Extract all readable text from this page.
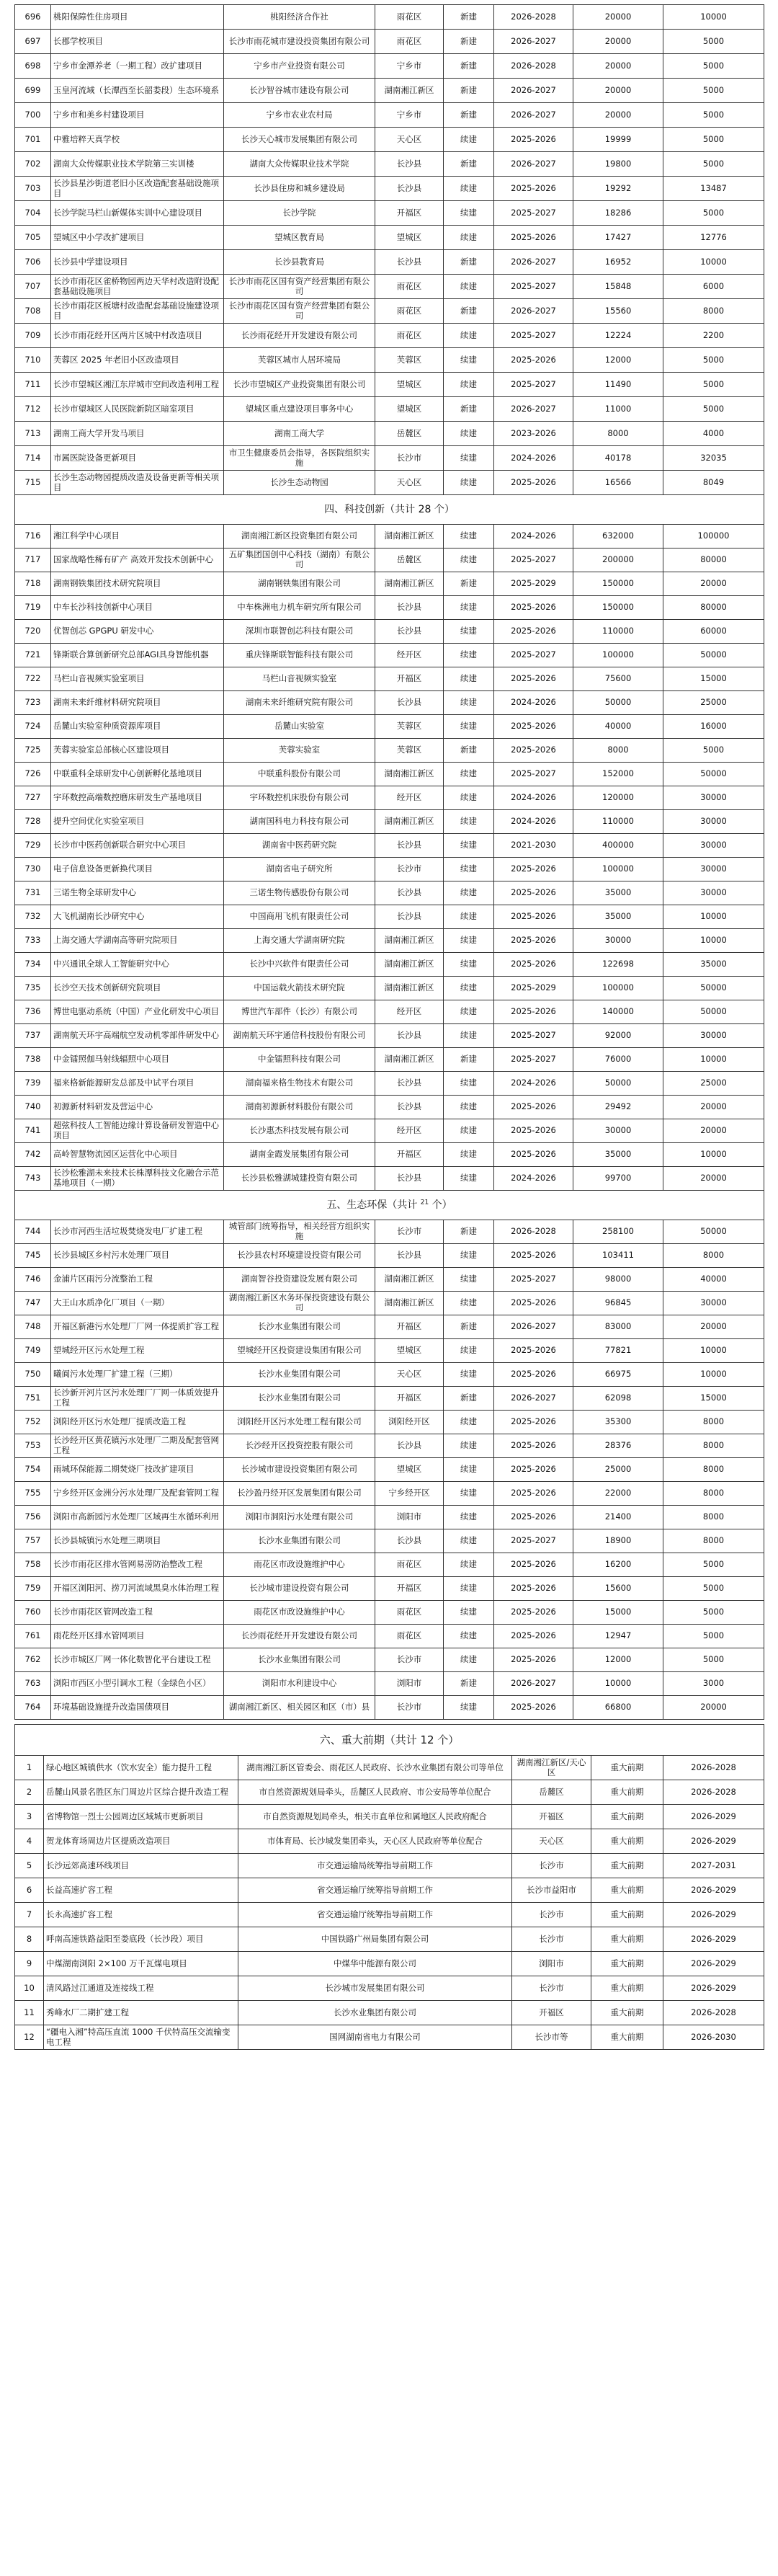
696	桃阳保障性住房项目	桃阳经济合作社	雨花区	新建	2026-2028	20000	10000
697	长郡学校项目	长沙市雨花城市建设投资集团有限公司	雨花区	新建	2026-2027	20000	5000
698	宁乡市金潭养老（一期工程）改扩建项目	宁乡市产业投资有限公司	宁乡市	新建	2026-2028	20000	5000
699	玉皇河流域（长潭西至长韶娄段）生态环境系	长沙智谷城市建设有限公司	湖南湘江新区	新建	2026-2027	20000	5000
700	宁乡市和美乡村建设项目	宁乡市农业农村局	宁乡市	新建	2026-2027	20000	5000
701	中雅培粹天真学校	长沙天心城市发展集团有限公司	天心区	续建	2025-2026	19999	5000
702	湖南大众传媒职业技术学院第三实训楼	湖南大众传媒职业技术学院	长沙县	新建	2026-2027	19800	5000
703	长沙县星沙街道老旧小区改造配套基础设施项目	长沙县住房和城乡建设局	长沙县	续建	2025-2026	19292	13487
704	长沙学院马栏山新媒体实训中心建设项目	长沙学院	开福区	续建	2025-2027	18286	5000
705	望城区中小学改扩建项目	望城区教育局	望城区	续建	2025-2026	17427	12776
706	长沙县中学建设项目	长沙县教育局	长沙县	新建	2026-2027	16952	10000
707	长沙市雨花区雀桥物园两边天华村改造附设配套基础设施项目	长沙市雨花区国有资产经营集团有限公司	雨花区	续建	2025-2027	15848	6000
708	长沙市雨花区板塘村改造配套基础设施建设项目	长沙市雨花区国有资产经营集团有限公司	雨花区	新建	2026-2027	15560	8000
709	长沙市雨花经开区两片区城中村改造项目	长沙雨花经开开发建设有限公司	雨花区	续建	2025-2027	12224	2200
710	芙蓉区 2025 年老旧小区改造项目	芙蓉区城市人居环境局	芙蓉区	续建	2025-2026	12000	5000
711	长沙市望城区湘江东岸城市空间改造利用工程	长沙市望城区产业投资集团有限公司	望城区	续建	2025-2027	11490	5000
712	长沙市望城区人民医院新院区暗室项目	望城区重点建设项目事务中心	望城区	新建	2026-2027	11000	5000
713	湖南工商大学开发马项目	湖南工商大学	岳麓区	续建	2023-2026	8000	4000
714	市属医院设备更新项目	市卫生健康委员会指导，各医院组织实施	长沙市	续建	2024-2026	40178	32035
715	长沙生态动物园提质改造及设备更新等相关项目	长沙生态动物园	天心区	续建	2025-2026	16566	8049
四、科技创新（共计 28 个）							
716	湘江科学中心项目	湖南湘江新区投资集团有限公司	湖南湘江新区	续建	2024-2026	632000	100000
717	国家战略性稀有矿产 高效开发技术创新中心	五矿集团国创中心科技（湖南）有限公司	岳麓区	续建	2025-2027	200000	80000
718	湖南钢铁集团技术研究院项目	湖南钢铁集团有限公司	湖南湘江新区	新建	2025-2029	150000	20000
719	中车长沙科技创新中心项目	中车株洲电力机车研究所有限公司	长沙县	续建	2025-2026	150000	80000
720	优智创芯 GPGPU 研发中心	深圳市联智创芯科技有限公司	长沙县	续建	2025-2026	110000	60000
721	锋斯联合算创新研究总部AGI具身智能机器	重庆锋斯联智能科技有限公司	经开区	续建	2025-2027	100000	50000
722	马栏山音视频实验室项目	马栏山音视频实验室	开福区	续建	2025-2026	75600	15000
723	湖南未来纤维材料研究院项目	湖南未来纤维研究院有限公司	长沙县	续建	2024-2026	50000	25000
724	岳麓山实验室种质资源库项目	岳麓山实验室	芙蓉区	续建	2025-2026	40000	16000
725	芙蓉实验室总部核心区建设项目	芙蓉实验室	芙蓉区	新建	2025-2026	8000	5000
726	中联重科全球研发中心创新孵化基地项目	中联重科股份有限公司	湖南湘江新区	续建	2025-2027	152000	50000
727	宇环数控高端数控磨床研发生产基地项目	宇环数控机床股份有限公司	经开区	续建	2024-2026	120000	30000
728	提升空间优化实验室项目	湖南国科电力科技有限公司	湖南湘江新区	续建	2024-2026	110000	30000
729	长沙市中医药创新联合研究中心项目	湖南省中医药研究院	长沙县	续建	2021-2030	400000	30000
730	电子信息设备更新换代项目	湖南省电子研究所	长沙市	续建	2025-2026	100000	30000
731	三诺生物全球研发中心	三诺生物传感股份有限公司	长沙县	续建	2025-2026	35000	30000
732	大飞机湖南长沙研究中心	中国商用飞机有限责任公司	长沙县	续建	2025-2026	35000	10000
733	上海交通大学湖南高等研究院项目	上海交通大学湖南研究院	湖南湘江新区	续建	2025-2026	30000	10000
734	中兴通讯全球人工智能研究中心	长沙中兴软件有限责任公司	湖南湘江新区	续建	2025-2026	122698	35000
735	长沙空天技术创新研究院项目	中国运载火箭技术研究院	湖南湘江新区	续建	2025-2029	100000	50000
736	博世电驱动系统（中国）产业化研发中心项目	博世汽车部件（长沙）有限公司	经开区	续建	2025-2026	140000	50000
737	湖南航天环宇高端航空发动机零部件研发中心	湖南航天环宇通信科技股份有限公司	长沙县	续建	2025-2027	92000	30000
738	中金镭照伽马射线辐照中心项目	中金镭照科技有限公司	湖南湘江新区	新建	2025-2027	76000	10000
739	福来格新能源研发总部及中试平台项目	湖南福来格生物技术有限公司	长沙县	续建	2024-2026	50000	25000
740	初源新材料研发及营运中心	湖南初源新材料股份有限公司	长沙县	续建	2025-2026	29492	20000
741	超弦科技人工智能边缘计算设备研发智造中心项目	长沙惠杰科技发展有限公司	经开区	续建	2025-2026	30000	20000
742	高岭智慧物流园区运营化中心项目	湖南金霞发展集团有限公司	开福区	续建	2025-2026	35000	10000
743	长沙松雅湖未来技术长株潭科技文化融合示范基地项目（一期）	长沙县松雅湖城建投资有限公司	长沙县	续建	2024-2026	99700	20000
五、生态环保（共计 $^{21}$ 个）							
744	长沙市河西生活垃圾焚烧发电厂扩建工程	城管部门统筹指导，相关经营方组织实施	长沙市	新建	2026-2028	258100	50000
745	长沙县城区乡村污水处理厂项目	长沙县农村环境建设投资有限公司	长沙县	续建	2025-2026	103411	8000
746	金浦片区雨污分流整治工程	湖南智谷投资建设发展有限公司	湖南湘江新区	续建	2025-2027	98000	40000
747	大王山水质净化厂项目（一期）	湖南湘江新区水务环保投资建设有限公司	湖南湘江新区	续建	2025-2026	96845	30000
748	开福区新港污水处理厂厂网一体提质扩容工程	长沙水业集团有限公司	开福区	新建	2026-2027	83000	20000
749	望城经开区污水处理工程	望城经开区投资建设集团有限公司	望城区	续建	2025-2026	77821	10000
750	曦阆污水处理厂扩建工程（三期）	长沙水业集团有限公司	天心区	续建	2025-2026	66975	10000
751	长沙新开河片区污水处理厂厂网一体质效提升工程	长沙水业集团有限公司	开福区	新建	2026-2027	62098	15000
752	浏阳经开区污水处理厂提质改造工程	浏阳经开区污水处理工程有限公司	浏阳经开区	续建	2025-2026	35300	8000
753	长沙经开区黄花镇污水处理厂二期及配套管网工程	长沙经开区投资控股有限公司	长沙县	续建	2025-2026	28376	8000
754	雨城环保能源二期焚烧厂技改扩建项目	长沙城市建设投资集团有限公司	望城区	续建	2025-2026	25000	8000
755	宁乡经开区金洲分污水处理厂及配套管网工程	长沙盈丹经开区发展集团有限公司	宁乡经开区	续建	2025-2026	22000	8000
756	浏阳市高新园污水处理厂区域再生水循环利用	浏阳市洞阳污水处理有限公司	浏阳市	续建	2025-2026	21400	8000
757	长沙县城镇污水处理三期项目	长沙水业集团有限公司	长沙县	续建	2025-2027	18900	8000
758	长沙市雨花区排水管网易涝防治整改工程	雨花区市政设施维护中心	雨花区	续建	2025-2026	16200	5000
759	开福区浏阳河、捞刀河流域黑臭水体治理工程	长沙城市建设投资有限公司	开福区	续建	2025-2026	15600	5000
760	长沙市雨花区管网改造工程	雨花区市政设施维护中心	雨花区	续建	2025-2026	15000	5000
761	雨花经开区排水管网项目	长沙雨花经开开发建设有限公司	雨花区	续建	2025-2026	12947	5000
762	长沙市城区厂网一体化数智化平台建设工程	长沙水业集团有限公司	长沙市	续建	2025-2026	12000	5000
763	浏阳市西区小型引调水工程（金绿色小区）	浏阳市水利建设中心	浏阳市	新建	2026-2027	10000	3000
764	环境基础设施提升改造国债项目	湖南湘江新区、相关园区和区（市）县	长沙市	续建	2025-2026	66800	20000
六、重大前期（共计 12 个）					
1	绿心地区城镇供水（饮水安全）能力提升工程	湖南湘江新区管委会、雨花区人民政府、长沙水业集团有限公司等单位	湖南湘江新区/天心区	重大前期	2026-2028
2	岳麓山风景名胜区东门周边片区综合提升改造工程	市自然资源规划局牵头，岳麓区人民政府、市公安局等单位配合	岳麓区	重大前期	2026-2028
3	省博物馆一烈士公园周边区域城市更新项目	市自然资源规划局牵头，相关市直单位和属地区人民政府配合	开福区	重大前期	2026-2029
4	贺龙体育场周边片区提质改造项目	市体育局、长沙城发集团牵头，天心区人民政府等单位配合	天心区	重大前期	2026-2029
5	长沙远郊高速环线项目	市交通运输局统筹指导前期工作	长沙市	重大前期	2027-2031
6	长益高速扩容工程	省交通运输厅统筹指导前期工作	长沙市益阳市	重大前期	2026-2029
7	长永高速扩容工程	省交通运输厅统筹指导前期工作	长沙市	重大前期	2026-2029
8	呼南高速铁路益阳至娄底段（长沙段）项目	中国铁路广州局集团有限公司	长沙市	重大前期	2026-2029
9	中煤湖南浏阳 2×100 万千瓦煤电项目	中煤华中能源有限公司	浏阳市	重大前期	2026-2029
10	清风路过江通道及连接线工程	长沙城市发展集团有限公司	长沙市	重大前期	2026-2029
11	秀峰水厂二期扩建工程	长沙水业集团有限公司	开福区	重大前期	2026-2028
12	“疆电入湘”特高压直流 1000 千伏特高压交流输变电工程	国网湖南省电力有限公司	长沙市等	重大前期	2026-2030
